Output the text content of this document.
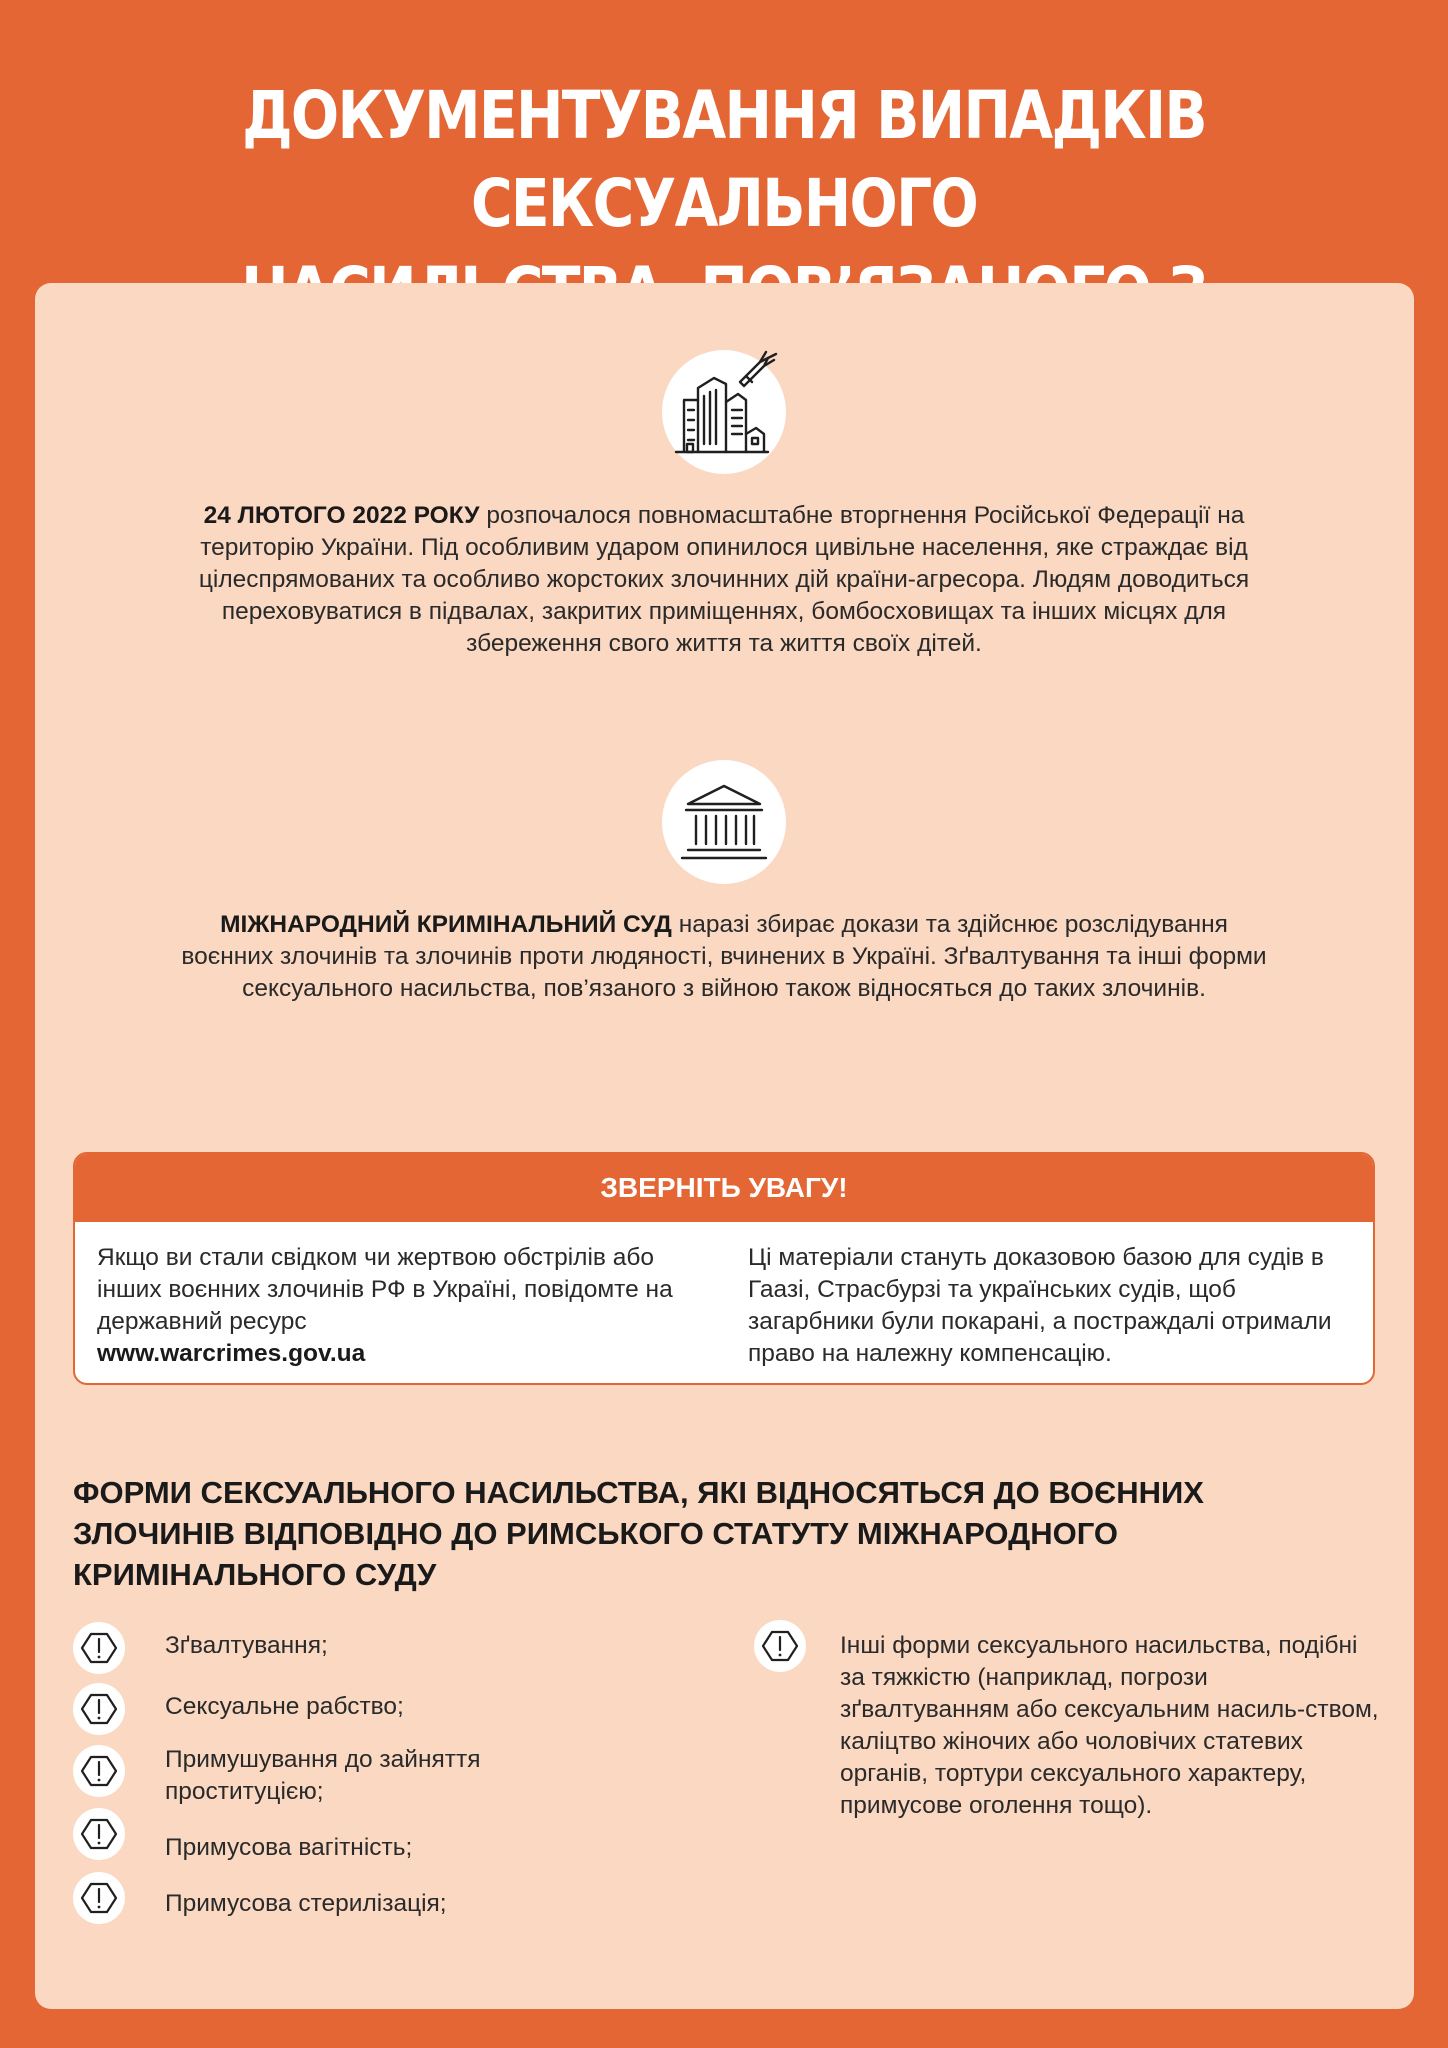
ДОКУМЕНТУВАННЯ ВИПАДКІВ СЕКСУАЛЬНОГО

24 ЛЮТОГО 2022 РОКУ розпочалося повномасштабне вторгнення Російської Федерації на територію України. Під особливим ударом опинилося цивільне населення, яке страждає від цілеспрямованих та особливо жорстоких злочинних дій країни-агресора. Людям доводиться переховуватися в підвалах, закритих приміщеннях, бомбосховищах та інших місцях для збереження свого життя та життя своїх дітей.

МІЖНАРОДНИЙ КРИМІНАЛЬНИЙ СУД наразі збирає докази та здійснює розслідування воєнних злочинів та злочинів проти людяності, вчинених в Україні. Зґвалтування та інші форми сексуального насильства, пов’язаного з війною також відносяться до таких злочинів.

ЗВЕРНІТЬ УВАГУ!
Якщо ви стали свідком чи жертвою обстрілів або інших воєнних злочинів РФ в Україні, повідомте на державний ресурс
www.warcrimes.gov.ua
Ці матеріали стануть доказовою базою для судів в Гаазі, Страсбурзі та українських судів, щоб загарбники були покарані, а постраждалі отримали право на належну компенсацію.
ФОРМИ СЕКСУАЛЬНОГО НАСИЛЬСТВА, ЯКІ ВІДНОСЯТЬСЯ ДО ВОЄННИХ ЗЛОЧИНІВ ВІДПОВІДНО ДО РИМСЬКОГО СТАТУТУ МІЖНАРОДНОГО КРИМІНАЛЬНОГО СУДУ
Зґвалтування;
Сексуальне рабство;
Примушування до зайняття проституцією;
Примусова вагітність;
Примусова стерилізація;
Інші форми сексуального насильства, подібні за тяжкістю (наприклад, погрози зґвалтуванням або сексуальним насиль-ством, каліцтво жіночих або чоловічих статевих органів, тортури сексуального характеру, примусове оголення тощо).
